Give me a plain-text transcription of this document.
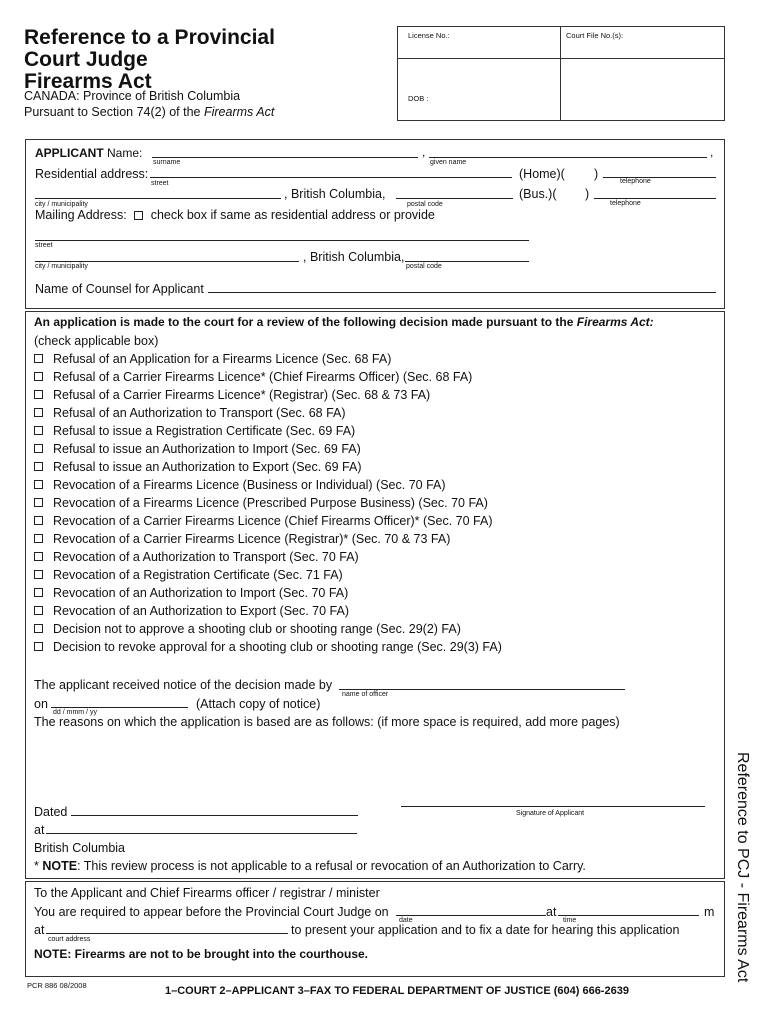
Reference to a Provincial
Court Judge
Firearms Act
CANADA: Province of British Columbia
Pursuant to Section 74(2) of the Firearms Act
License No.:	Court File No.(s):
DOB :
APPLICANT Name:	,	,
surname	given name
Residential address:
street
(Home)( )
telephone
, British Columbia,
city / municipality	postal code
(Bus.)( )
telephone
Mailing Address: check box if same as residential address or provide
street
, British Columbia,
city / municipality	postal code
Name of Counsel for Applicant
An application is made to the court for a review of the following decision made pursuant to the Firearms Act:
(check applicable box)
Refusal of an Application for a Firearms Licence (Sec. 68 FA)
Refusal of a Carrier Firearms Licence* (Chief Firearms Officer) (Sec. 68 FA)
Refusal of a Carrier Firearms Licence* (Registrar) (Sec. 68 & 73 FA)
Refusal of an Authorization to Transport (Sec. 68 FA)
Refusal to issue a Registration Certificate (Sec. 69 FA)
Refusal to issue an Authorization to Import (Sec. 69 FA)
Refusal to issue an Authorization to Export (Sec. 69 FA)
Revocation of a Firearms Licence (Business or Individual) (Sec. 70 FA)
Revocation of a Firearms Licence (Prescribed Purpose Business) (Sec. 70 FA)
Revocation of a Carrier Firearms Licence (Chief Firearms Officer)* (Sec. 70 FA)
Revocation of a Carrier Firearms Licence (Registrar)* (Sec. 70 & 73 FA)
Revocation of a Authorization to Transport (Sec. 70 FA)
Revocation of a Registration Certificate (Sec. 71 FA)
Revocation of an Authorization to Import (Sec. 70 FA)
Revocation of an Authorization to Export (Sec. 70 FA)
Decision not to approve a shooting club or shooting range (Sec. 29(2) FA)
Decision to revoke approval for a shooting club or shooting range (Sec. 29(3) FA)
The applicant received notice of the decision made by
name of officer
on	(Attach copy of notice)
dd / mmm / yy
The reasons on which the application is based are as follows: (if more space is required, add more pages)
Dated	Signature of Applicant
at
British Columbia
* NOTE: This review process is not applicable to a refusal or revocation of an Authorization to Carry.
To the Applicant and Chief Firearms officer / registrar / minister
You are required to appear before the Provincial Court Judge on	at	m
date	time
at	to present your application and to fix a date for hearing this application
court address
NOTE: Firearms are not to be brought into the courthouse.
PCR 886 08/2008	1–COURT 2–APPLICANT 3–FAX TO FEDERAL DEPARTMENT OF JUSTICE (604) 666-2639
Reference to PCJ - Firearms Act
